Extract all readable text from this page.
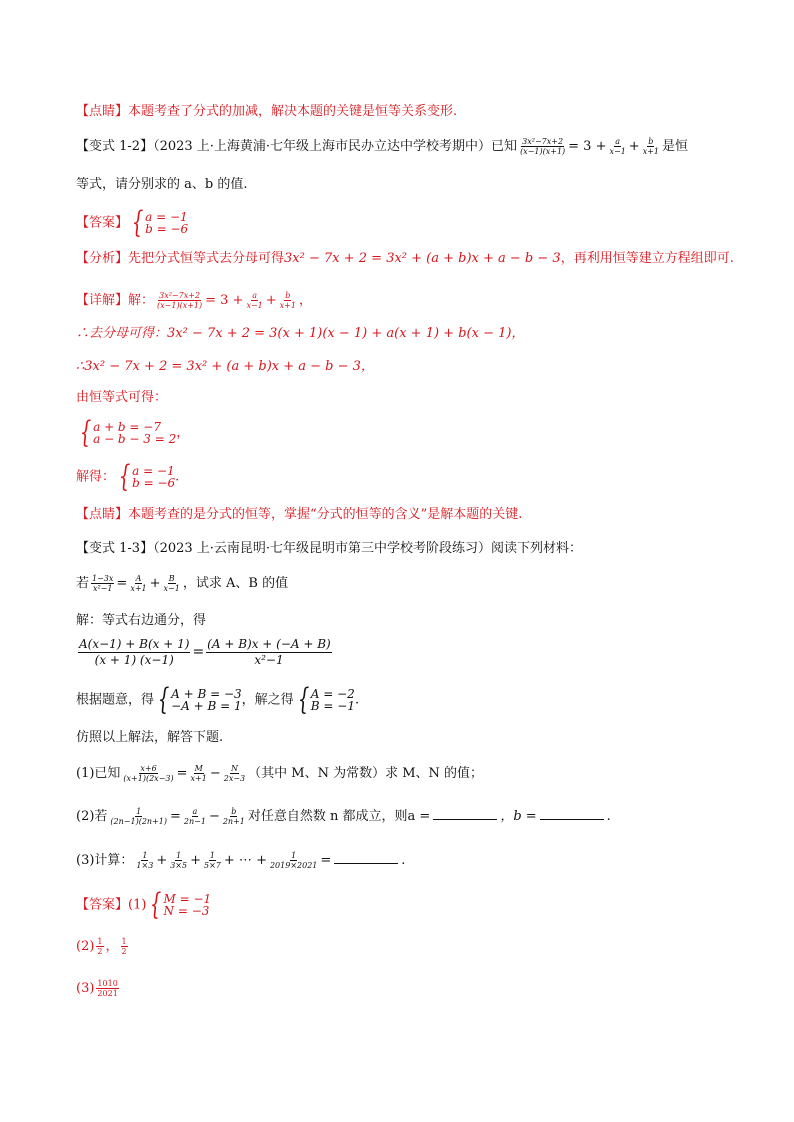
【点睛】本题考查了分式的加减，解决本题的关键是恒等关系变形.
【变式 1-2】（2023 上·上海黄浦·七年级上海市民办立达中学校考期中）已知 $\frac{\text{3x²−7x+2}}{(x-1)(x+1)} = 3 + \frac{a}{x-1} + \frac{b}{x+1}$ 是恒
等式，请分别求的 a、b 的值.
【答案】 { a = −1
b = −6
【分析】先把分式恒等式去分母可得3x² − 7x + 2 = 3x² + (a + b)x + a − b − 3，再利用恒等建立方程组即可.
【详解】解： $\frac{\text{3x²−7x+2}}{(x-1)(x+1)} = 3 + \frac{a}{x-1} + \frac{b}{x+1}$ ，
∴去分母可得：3x² − 7x + 2 = 3(x + 1)(x − 1) + a(x + 1) + b(x − 1)，
∴3x² − 7x + 2 = 3x² + (a + b)x + a − b − 3，
由恒等式可得：
{ a + b = −7
a − b − 3 = 2 ，
解得： { a = −1
b = −6 .
【点睛】本题考查的是分式的恒等，掌握“分式的恒等的含义”是解本题的关键.
【变式 1-3】（2023 上·云南昆明·七年级昆明市第三中学校考阶段练习）阅读下列材料：
若 $\frac{1-3x}{\text{x²−1}} = \frac{A}{x+1} + \frac{B}{x-1}$ ，试求 A、B 的值
解：等式右边通分，得
$\frac{A(x-1) + B(x + 1)}{(x + 1) (x-1)} = \frac{(A + B)x + (-A + B)}{\text{x²−1}}$
根据题意，得 { A + B = −3
−A + B = 1 ，解之得 { A = −2
B = −1 .
仿照以上解法，解答下题.
(1)已知 $\frac{x+6}{(x+1)(2x-3)} = \frac{M}{x+1} - \frac{N}{2x-3}$ （其中 M、N 为常数）求 M、N 的值；
(2)若 $\frac{1}{(2n-1)(2n+1)} = \frac{a}{2n-1} - \frac{b}{2n+1}$ 对任意自然数 n 都成立，则a =	，b =	.
(3)计算： $\frac{1}{1\times 3} + \frac{1}{3\times 5} + \frac{1}{5\times 7}$ + ⋯ + $\frac{1}{2019\times 2021}$ =	.
【答案】(1) { M = −1
N = −3
$(2) \frac{1}{2}$ ， $\frac{1}{2}$
$(3) \frac{1010}{2021}$
